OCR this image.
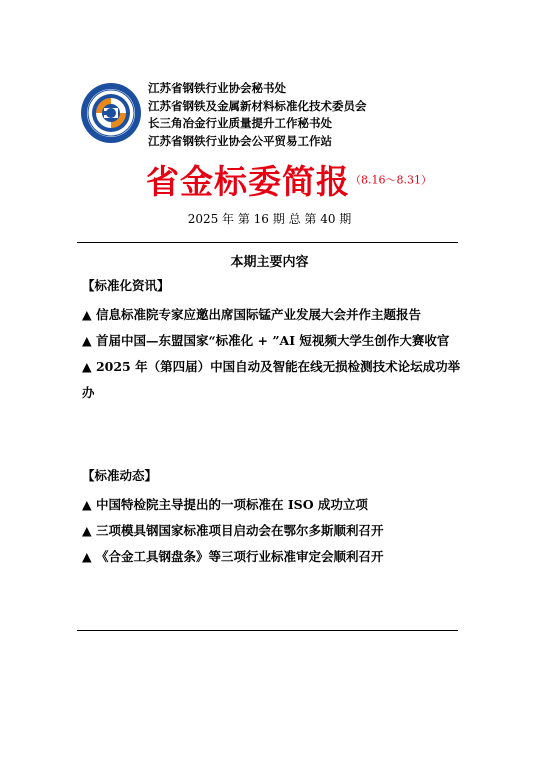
江苏省钢铁行业协会秘书处
江苏省钢铁及金属新材料标准化技术委员会
长三角冶金行业质量提升工作秘书处
江苏省钢铁行业协会公平贸易工作站
省金标委简报（8.16～8.31）
2025 年 第 16 期 总 第 40 期
本期主要内容
【标准化资讯】
▲ 信息标准院专家应邀出席国际锰产业发展大会并作主题报告
▲ 首届中国—东盟国家“标准化 + ”AI 短视频大学生创作大赛收官
▲ 2025 年（第四届）中国自动及智能在线无损检测技术论坛成功举办
【标准动态】
▲ 中国特检院主导提出的一项标准在 ISO 成功立项
▲ 三项模具钢国家标准项目启动会在鄂尔多斯顺利召开
▲ 《合金工具钢盘条》等三项行业标准审定会顺利召开
